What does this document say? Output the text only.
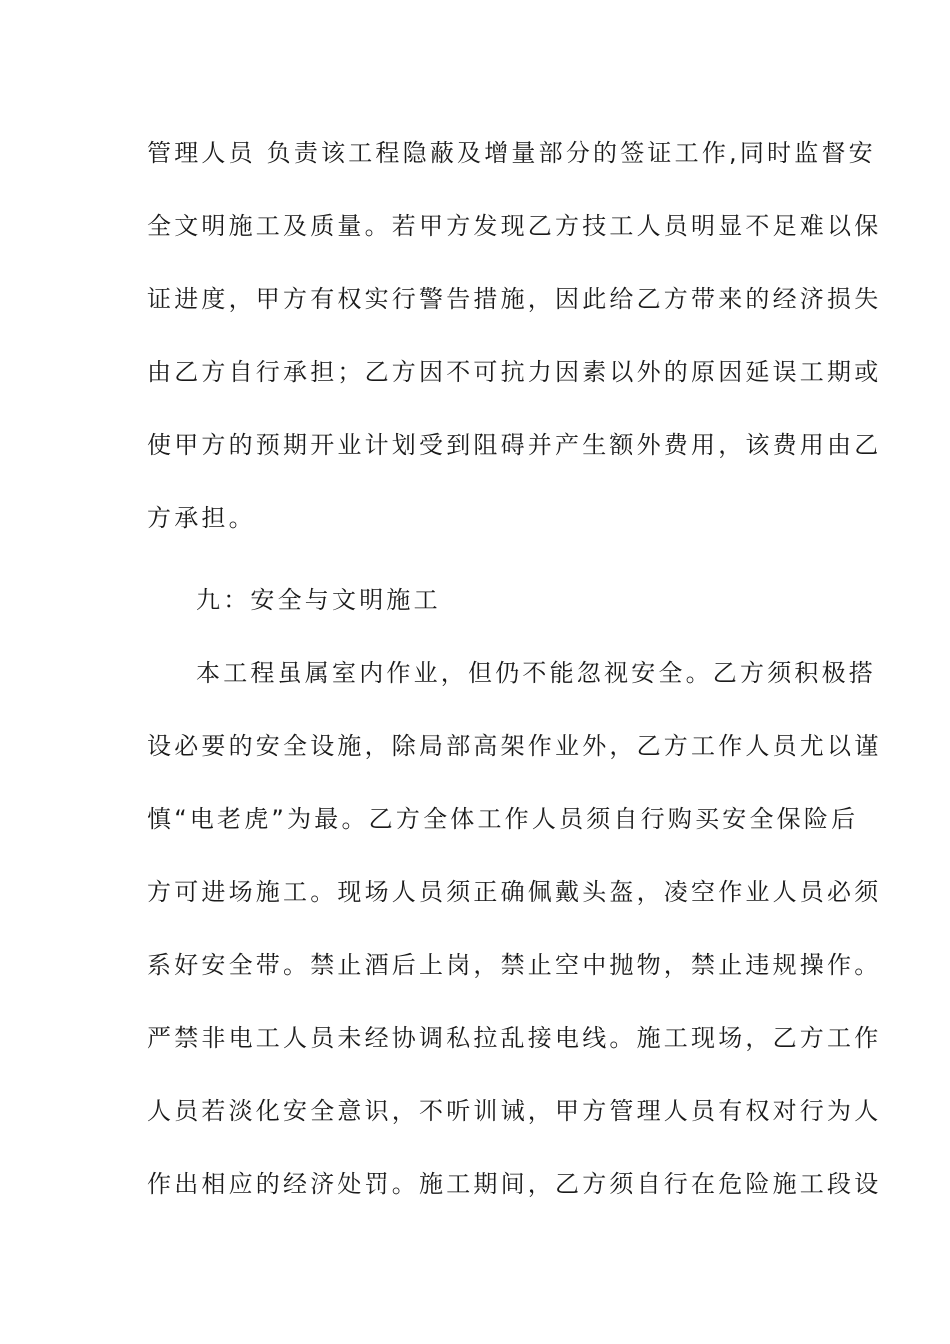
管理人员 负责该工程隐蔽及增量部分的签证工作,同时监督安
全文明施工及质量。若甲方发现乙方技工人员明显不足难以保
证进度，甲方有权实行警告措施，因此给乙方带来的经济损失
由乙方自行承担；乙方因不可抗力因素以外的原因延误工期或
使甲方的预期开业计划受到阻碍并产生额外费用，该费用由乙
方承担。
九：安全与文明施工
本工程虽属室内作业，但仍不能忽视安全。乙方须积极搭
设必要的安全设施，除局部高架作业外，乙方工作人员尤以谨
慎“电老虎”为最。乙方全体工作人员须自行购买安全保险后
方可进场施工。现场人员须正确佩戴头盔，凌空作业人员必须
系好安全带。禁止酒后上岗，禁止空中抛物，禁止违规操作。
严禁非电工人员未经协调私拉乱接电线。施工现场，乙方工作
人员若淡化安全意识，不听训诫，甲方管理人员有权对行为人
作出相应的经济处罚。施工期间，乙方须自行在危险施工段设
